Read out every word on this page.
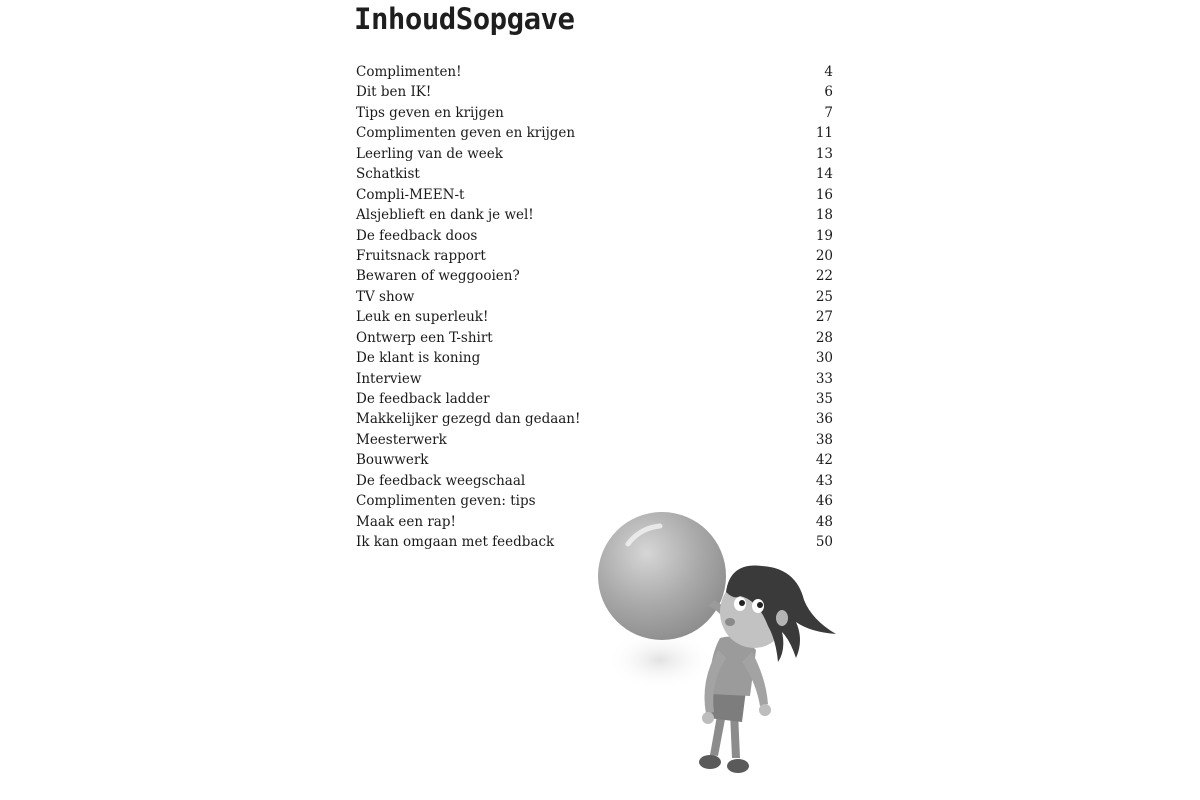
InhoudSopgave
Complimenten!	4
Dit ben IK!	6
Tips geven en krijgen	7
Complimenten geven en krijgen	11
Leerling van de week	13
Schatkist	14
Compli-MEEN-t	16
Alsjeblieft en dank je wel!	18
De feedback doos	19
Fruitsnack rapport	20
Bewaren of weggooien?	22
TV show	25
Leuk en superleuk!	27
Ontwerp een T-shirt	28
De klant is koning	30
Interview	33
De feedback ladder	35
Makkelijker gezegd dan gedaan!	36
Meesterwerk	38
Bouwwerk	42
De feedback weegschaal	43
Complimenten geven: tips	46
Maak een rap!	48
Ik kan omgaan met feedback	50
